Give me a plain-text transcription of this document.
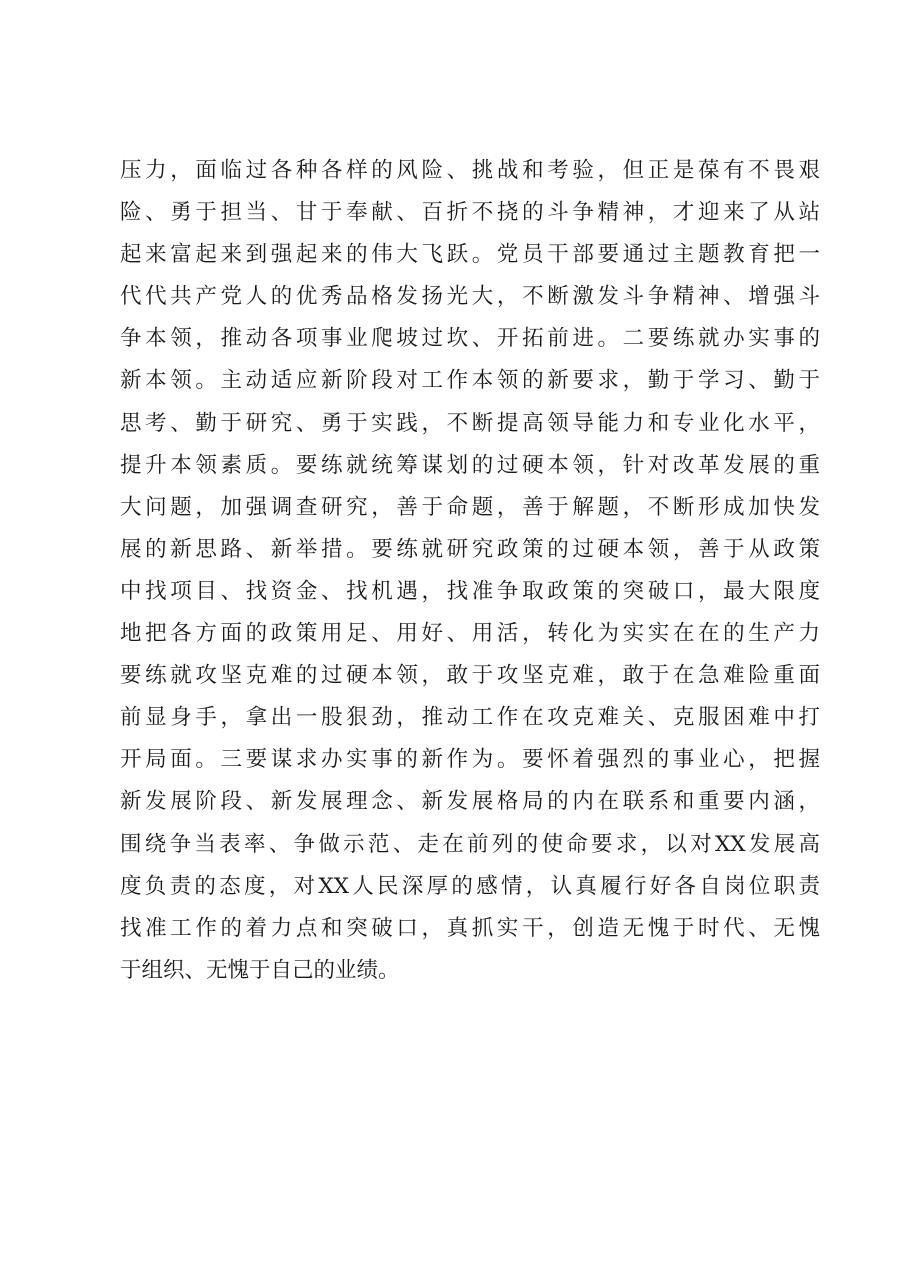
压力，面临过各种各样的风险、挑战和考验，但正是葆有不畏艰
险、勇于担当、甘于奉献、百折不挠的斗争精神，才迎来了从站
起来富起来到强起来的伟大飞跃。党员干部要通过主题教育把一
代代共产党人的优秀品格发扬光大，不断激发斗争精神、增强斗
争本领，推动各项事业爬坡过坎、开拓前进。二要练就办实事的
新本领。主动适应新阶段对工作本领的新要求，勤于学习、勤于
思考、勤于研究、勇于实践，不断提高领导能力和专业化水平，
提升本领素质。要练就统筹谋划的过硬本领，针对改革发展的重
大问题，加强调查研究，善于命题，善于解题，不断形成加快发
展的新思路、新举措。要练就研究政策的过硬本领，善于从政策
中找项目、找资金、找机遇，找准争取政策的突破口，最大限度
地把各方面的政策用足、用好、用活，转化为实实在在的生产力
要练就攻坚克难的过硬本领，敢于攻坚克难，敢于在急难险重面
前显身手，拿出一股狠劲，推动工作在攻克难关、克服困难中打
开局面。三要谋求办实事的新作为。要怀着强烈的事业心，把握
新发展阶段、新发展理念、新发展格局的内在联系和重要内涵，
围绕争当表率、争做示范、走在前列的使命要求，以对XX发展高
度负责的态度，对XX人民深厚的感情，认真履行好各自岗位职责
找准工作的着力点和突破口，真抓实干，创造无愧于时代、无愧
于组织、无愧于自己的业绩。
